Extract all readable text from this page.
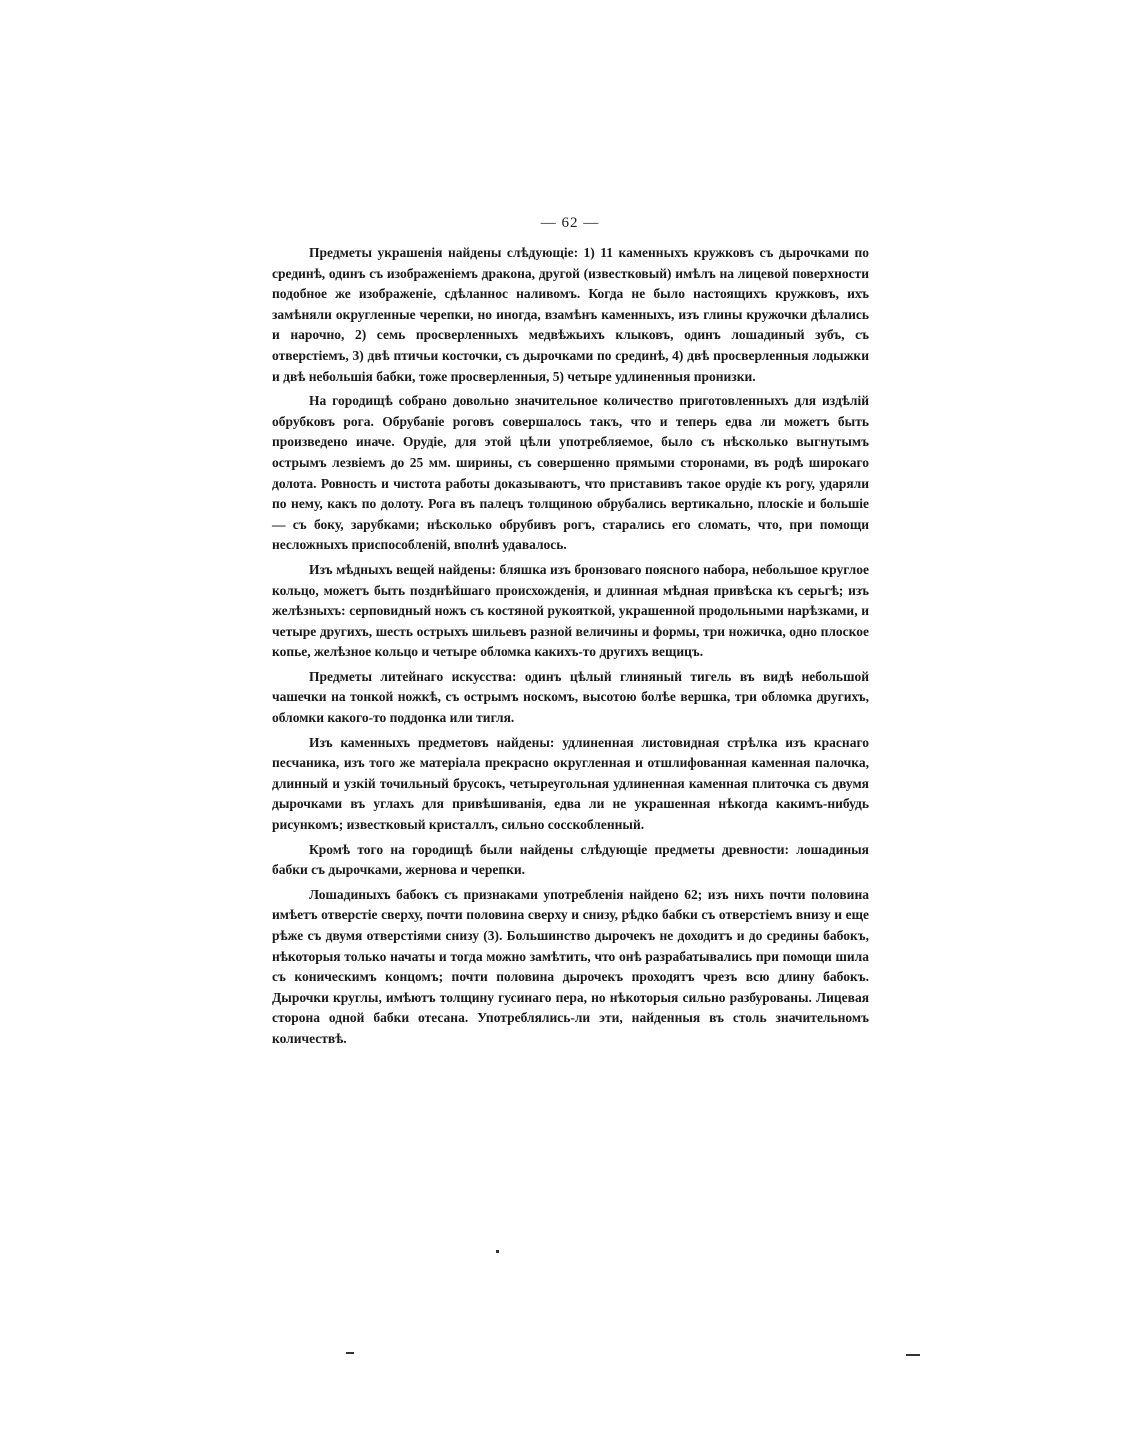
— 62 —

Предметы украшенія найдены слѣдующіе: 1) 11 каменныхъ кружковъ съ дырочками по срединѣ, одинъ съ изображеніемъ дракона, другой (известковый) имѣлъ на лицевой поверхности подобное же изображеніе, сдѣланнос наливомъ. Когда не было настоящихъ кружковъ, ихъ замѣняли округленные черепки, но иногда, взамѣнъ каменныхъ, изъ глины кружочки дѣлались и нарочно, 2) семь просверленныхъ медвѣжьихъ клыковъ, одинъ лошадиный зубъ, съ отверстіемъ, 3) двѣ птичьи косточки, съ дырочками по срединѣ, 4) двѣ просверленныя лодыжки и двѣ небольшія бабки, тоже просверленныя, 5) четыре удлиненныя пронизки.

На городищѣ собрано довольно значительное количество приготовленныхъ для издѣлій обрубковъ рога. Обрубаніе роговъ совершалось такъ, что и теперь едва ли можетъ быть произведено иначе. Орудіе, для этой цѣли употребляемое, было съ нѣсколько выгнутымъ острымъ лезвіемъ до 25 мм. ширины, съ совершенно прямыми сторонами, въ родѣ широкаго долота. Ровность и чистота работы доказываютъ, что приставивъ такое орудіе къ рогу, ударяли по нему, какъ по долоту. Рога въ палецъ толщиною обрубались вертикально, плоскіе и большіе — съ боку, зарубками; нѣсколько обрубивъ рогъ, старались его сломать, что, при помощи несложныхъ приспособленій, вполнѣ удавалось.

Изъ мѣдныхъ вещей найдены: бляшка изъ бронзоваго поясного набора, небольшое круглое кольцо, можетъ быть позднѣйшаго происхожденія, и длинная мѣдная привѣска къ серьгѣ; изъ желѣзныхъ: серповидный ножъ съ костяной рукояткой, украшенной продольными нарѣзками, и четыре другихъ, шесть острыхъ шильевъ разной величины и формы, три ножичка, одно плоское копье, желѣзное кольцо и четыре обломка какихъ-то другихъ вещицъ.

Предметы литейнаго искусства: одинъ цѣлый глиняный тигель въ видѣ небольшой чашечки на тонкой ножкѣ, съ острымъ носкомъ, высотою болѣе вершка, три обломка другихъ, обломки какого-то поддонка или тигля.

Изъ каменныхъ предметовъ найдены: удлиненная листовидная стрѣлка изъ краснаго песчаника, изъ того же матеріала прекрасно округленная и отшлифованная каменная палочка, длинный и узкій точильный брусокъ, четыреугольная удлиненная каменная плиточка съ двумя дырочками въ углахъ для привѣшиванія, едва ли не украшенная нѣкогда какимъ-нибудь рисункомъ; известковый кристаллъ, сильно сосскобленный.

Кромѣ того на городищѣ были найдены слѣдующіе предметы древности: лошадиныя бабки съ дырочками, жернова и черепки.

Лошадиныхъ бабокъ съ признаками употребленія найдено 62; изъ нихъ почти половина имѣетъ отверстіе сверху, почти половина сверху и снизу, рѣдко бабки съ отверстіемъ внизу и еще рѣже съ двумя отверстіями снизу (3). Большинство дырочекъ не доходитъ и до средины бабокъ, нѣкоторыя только начаты и тогда можно замѣтить, что онѣ разрабатывались при помощи шила съ коническимъ концомъ; почти половина дырочекъ проходятъ чрезъ всю длину бабокъ. Дырочки круглы, имѣютъ толщину гусинаго пера, но нѣкоторыя сильно разбурованы. Лицевая сторона одной бабки отесана. Употреблялись-ли эти, найденныя въ столь значительномъ количествѣ.
